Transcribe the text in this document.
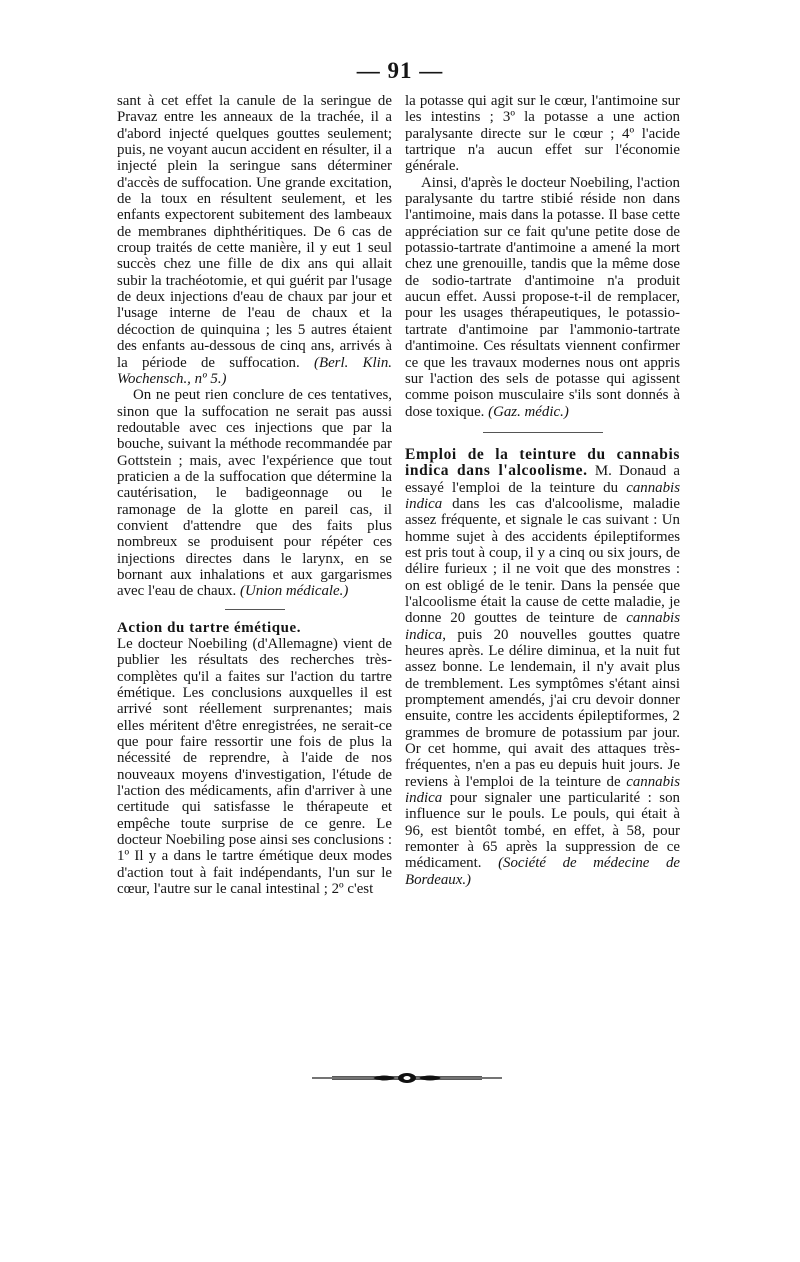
— 91 —

sant à cet effet la canule de la seringue de Pravaz entre les anneaux de la trachée, il a d'abord injecté quelques gouttes seulement; puis, ne voyant aucun accident en résulter, il a injecté plein la seringue sans déterminer d'accès de suffocation. Une grande excitation, de la toux en résultent seulement, et les enfants expectorent subitement des lambeaux de membranes diphthéritiques. De 6 cas de croup traités de cette manière, il y eut 1 seul succès chez une fille de dix ans qui allait subir la trachéotomie, et qui guérit par l'usage de deux injections d'eau de chaux par jour et l'usage interne de l'eau de chaux et la décoction de quinquina ; les 5 autres étaient des enfants au-dessous de cinq ans, arrivés à la période de suffocation. (Berl. Klin. Wochensch., nº 5.)

On ne peut rien conclure de ces tentatives, sinon que la suffocation ne serait pas aussi redoutable avec ces injections que par la bouche, suivant la méthode recommandée par Gottstein ; mais, avec l'expérience que tout praticien a de la suffocation que détermine la cautérisation, le badigeonnage ou le ramonage de la glotte en pareil cas, il convient d'attendre que des faits plus nombreux se produisent pour répéter ces injections directes dans le larynx, en se bornant aux inhalations et aux gargarismes avec l'eau de chaux. (Union médicale.)

Action du tartre émétique.

Le docteur Noebiling (d'Allemagne) vient de publier les résultats des recherches très-complètes qu'il a faites sur l'action du tartre émétique. Les conclusions auxquelles il est arrivé sont réellement surprenantes; mais elles méritent d'être enregistrées, ne serait-ce que pour faire ressortir une fois de plus la nécessité de reprendre, à l'aide de nos nouveaux moyens d'investigation, l'étude de l'action des médicaments, afin d'arriver à une certitude qui satisfasse le thérapeute et empêche toute surprise de ce genre. Le docteur Noebiling pose ainsi ses conclusions : 1º Il y a dans le tartre émétique deux modes d'action tout à fait indépendants, l'un sur le cœur, l'autre sur le canal intestinal ; 2º c'est

la potasse qui agit sur le cœur, l'antimoine sur les intestins ; 3º la potasse a une action paralysante directe sur le cœur ; 4º l'acide tartrique n'a aucun effet sur l'économie générale.

Ainsi, d'après le docteur Noebiling, l'action paralysante du tartre stibié réside non dans l'antimoine, mais dans la potasse. Il base cette appréciation sur ce fait qu'une petite dose de potassio-tartrate d'antimoine a amené la mort chez une grenouille, tandis que la même dose de sodio-tartrate d'antimoine n'a produit aucun effet. Aussi propose-t-il de remplacer, pour les usages thérapeutiques, le potassio-tartrate d'antimoine par l'ammonio-tartrate d'antimoine. Ces résultats viennent confirmer ce que les travaux modernes nous ont appris sur l'action des sels de potasse qui agissent comme poison musculaire s'ils sont donnés à dose toxique. (Gaz. médic.)

Emploi de la teinture du cannabis indica dans l'alcoolisme. M. Donaud a essayé l'emploi de la teinture du cannabis indica dans les cas d'alcoolisme, maladie assez fréquente, et signale le cas suivant : Un homme sujet à des accidents épileptiformes est pris tout à coup, il y a cinq ou six jours, de délire furieux ; il ne voit que des monstres : on est obligé de le tenir. Dans la pensée que l'alcoolisme était la cause de cette maladie, je donne 20 gouttes de teinture de cannabis indica, puis 20 nouvelles gouttes quatre heures après. Le délire diminua, et la nuit fut assez bonne. Le lendemain, il n'y avait plus de tremblement. Les symptômes s'étant ainsi promptement amendés, j'ai cru devoir donner ensuite, contre les accidents épileptiformes, 2 grammes de bromure de potassium par jour. Or cet homme, qui avait des attaques très-fréquentes, n'en a pas eu depuis huit jours. Je reviens à l'emploi de la teinture de cannabis indica pour signaler une particularité : son influence sur le pouls. Le pouls, qui était à 96, est bientôt tombé, en effet, à 58, pour remonter à 65 après la suppression de ce médicament. (Société de médecine de Bordeaux.)
